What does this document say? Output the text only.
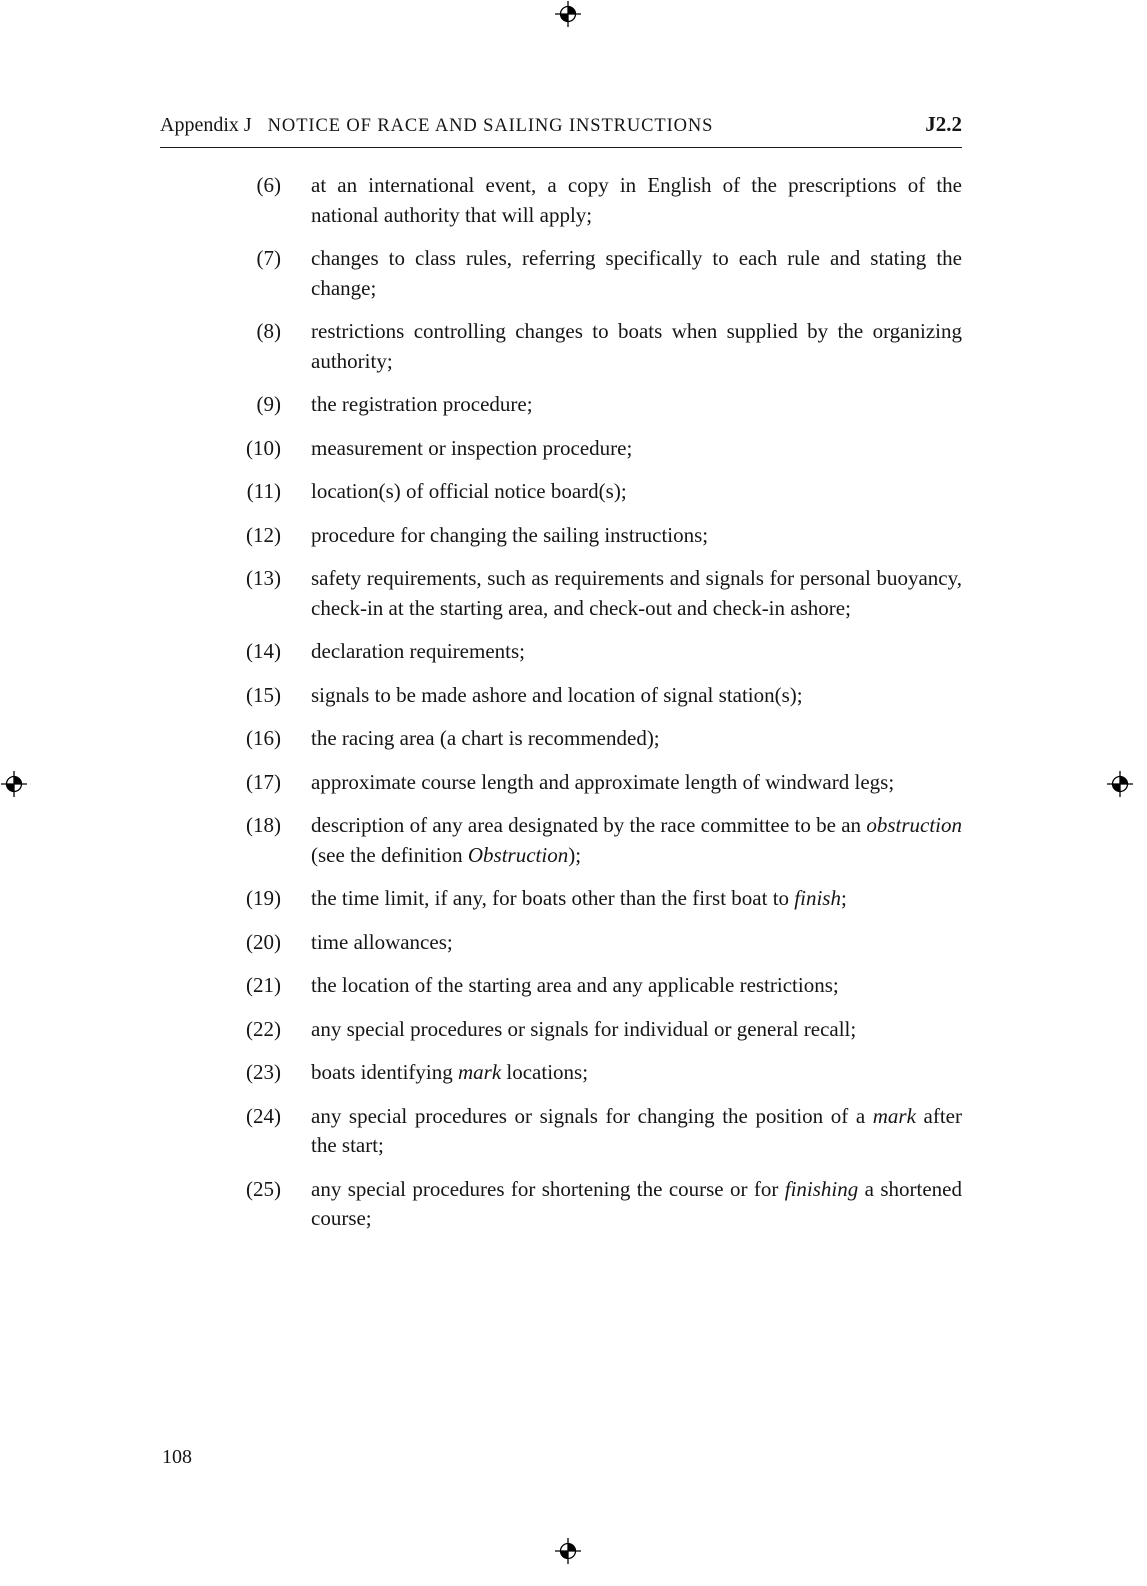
Appendix J NOTICE OF RACE AND SAILING INSTRUCTIONS	J2.2
(6) at an international event, a copy in English of the prescriptions of the national authority that will apply;
(7) changes to class rules, referring specifically to each rule and stating the change;
(8) restrictions controlling changes to boats when supplied by the organizing authority;
(9) the registration procedure;
(10) measurement or inspection procedure;
(11) location(s) of official notice board(s);
(12) procedure for changing the sailing instructions;
(13) safety requirements, such as requirements and signals for personal buoyancy, check-in at the starting area, and check-out and check-in ashore;
(14) declaration requirements;
(15) signals to be made ashore and location of signal station(s);
(16) the racing area (a chart is recommended);
(17) approximate course length and approximate length of windward legs;
(18) description of any area designated by the race committee to be an obstruction (see the definition Obstruction);
(19) the time limit, if any, for boats other than the first boat to finish;
(20) time allowances;
(21) the location of the starting area and any applicable restrictions;
(22) any special procedures or signals for individual or general recall;
(23) boats identifying mark locations;
(24) any special procedures or signals for changing the position of a mark after the start;
(25) any special procedures for shortening the course or for finishing a shortened course;
108
